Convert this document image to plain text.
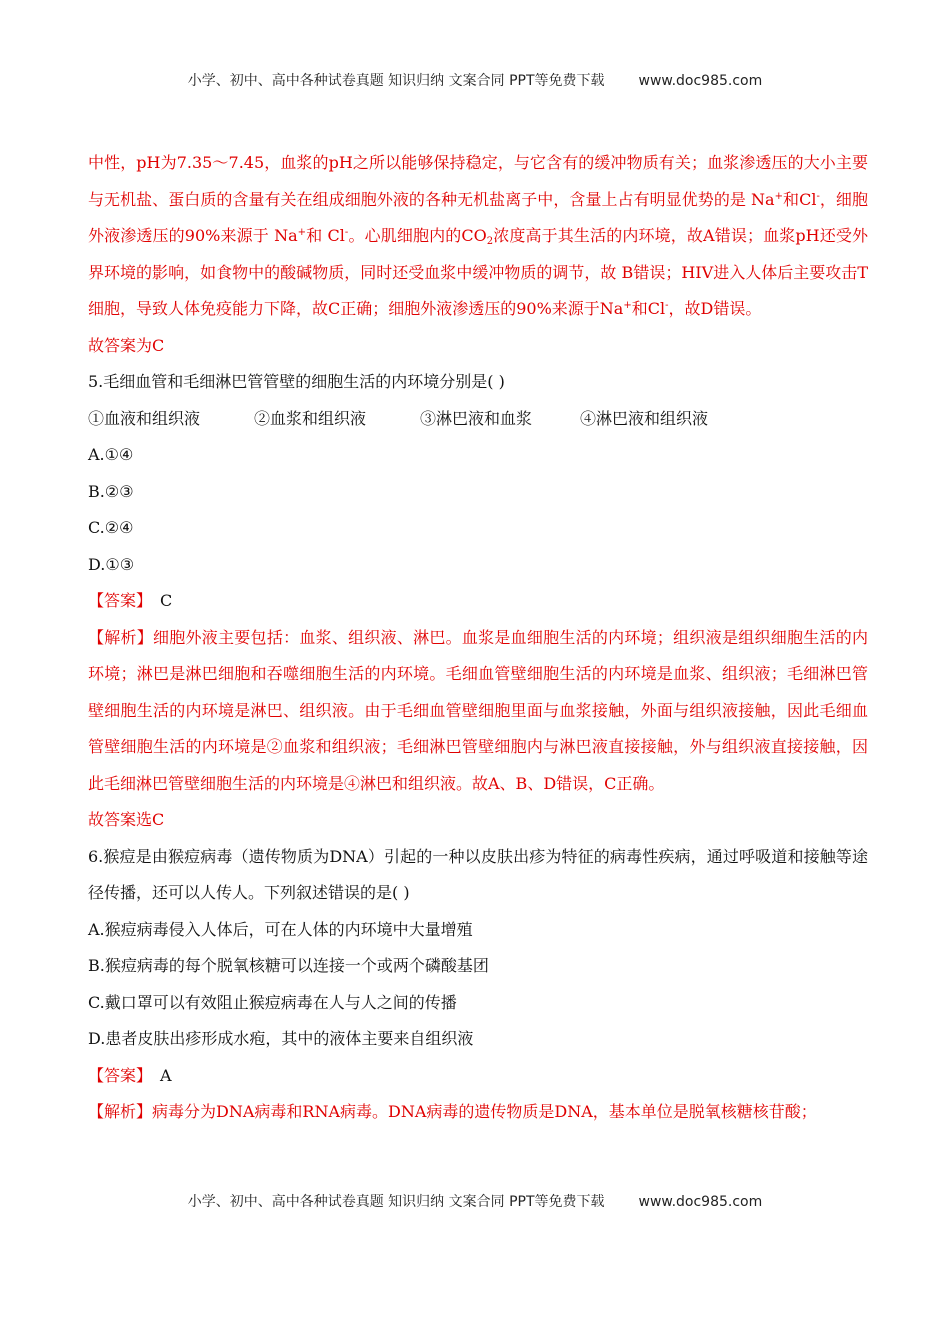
小学、初中、高中各种试卷真题 知识归纳 文案合同 PPT等免费下载 www.doc985.com

中性，pH为7.35～7.45，血浆的pH之所以能够保持稳定，与它含有的缓冲物质有关；血浆渗透压的大小主要与无机盐、蛋白质的含量有关在组成细胞外液的各种无机盐离子中，含量上占有明显优势的是 Na+和Cl-，细胞外液渗透压的90%来源于 Na+和 Cl-。心肌细胞内的$CO_2$浓度高于其生活的内环境，故A错误；血浆pH还受外界环境的影响，如食物中的酸碱物质，同时还受血浆中缓冲物质的调节，故 B错误；HIV进入人体后主要攻击T细胞，导致人体免疫能力下降，故C正确；细胞外液渗透压的90%来源于Na+和Cl-，故D错误。

故答案为C

5.毛细血管和毛细淋巴管管壁的细胞生活的内环境分别是( )

①血液和组织液	②血浆和组织液	③淋巴液和血浆	④淋巴液和组织液

A.①④

B.②③

C.②④

D.①③

【答案】 C

【解析】细胞外液主要包括：血浆、组织液、淋巴。血浆是血细胞生活的内环境；组织液是组织细胞生活的内环境；淋巴是淋巴细胞和吞噬细胞生活的内环境。毛细血管壁细胞生活的内环境是血浆、组织液；毛细淋巴管壁细胞生活的内环境是淋巴、组织液。由于毛细血管壁细胞里面与血浆接触，外面与组织液接触，因此毛细血管壁细胞生活的内环境是②血浆和组织液；毛细淋巴管壁细胞内与淋巴液直接接触，外与组织液直接接触，因此毛细淋巴管壁细胞生活的内环境是④淋巴和组织液。故A、B、D错误，C正确。

故答案选C

6.猴痘是由猴痘病毒（遗传物质为DNA）引起的一种以皮肤出疹为特征的病毒性疾病，通过呼吸道和接触等途径传播，还可以人传人。下列叙述错误的是( )

A.猴痘病毒侵入人体后，可在人体的内环境中大量增殖

B.猴痘病毒的每个脱氧核糖可以连接一个或两个磷酸基团

C.戴口罩可以有效阻止猴痘病毒在人与人之间的传播

D.患者皮肤出疹形成水疱，其中的液体主要来自组织液

【答案】 A

【解析】病毒分为DNA病毒和RNA病毒。DNA病毒的遗传物质是DNA，基本单位是脱氧核糖核苷酸；

小学、初中、高中各种试卷真题 知识归纳 文案合同 PPT等免费下载 www.doc985.com
